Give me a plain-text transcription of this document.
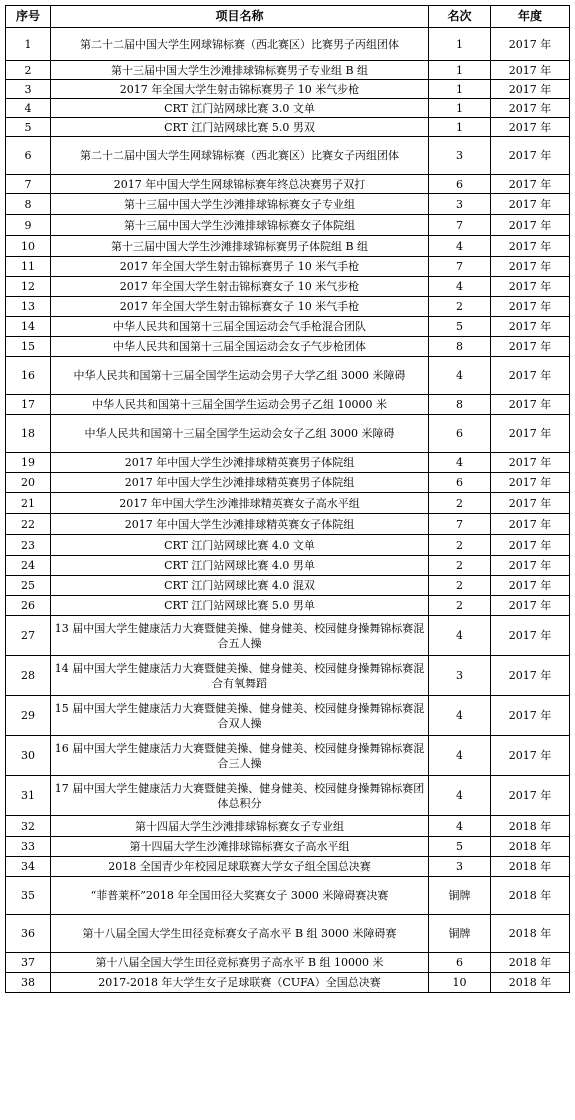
序号	项目名称	名次	年度
1	第二十二届中国大学生网球锦标赛（西北赛区）比赛男子丙组团体	1	2017 年
2	第十三届中国大学生沙滩排球锦标赛男子专业组 B 组	1	2017 年
3	2017 年全国大学生射击锦标赛男子 10 米气步枪	1	2017 年
4	CRT 江门站网球比赛 3.0 文单	1	2017 年
5	CRT 江门站网球比赛 5.0 男双	1	2017 年
6	第二十二届中国大学生网球锦标赛（西北赛区）比赛女子丙组团体	3	2017 年
7	2017 年中国大学生网球锦标赛年终总决赛男子双打	6	2017 年
8	第十三届中国大学生沙滩排球锦标赛女子专业组	3	2017 年
9	第十三届中国大学生沙滩排球锦标赛女子体院组	7	2017 年
10	第十三届中国大学生沙滩排球锦标赛男子体院组 B 组	4	2017 年
11	2017 年全国大学生射击锦标赛男子 10 米气手枪	7	2017 年
12	2017 年全国大学生射击锦标赛女子 10 米气步枪	4	2017 年
13	2017 年全国大学生射击锦标赛女子 10 米气手枪	2	2017 年
14	中华人民共和国第十三届全国运动会气手枪混合团队	5	2017 年
15	中华人民共和国第十三届全国运动会女子气步枪团体	8	2017 年
16	中华人民共和国第十三届全国学生运动会男子大学乙组 3000 米障碍	4	2017 年
17	中华人民共和国第十三届全国学生运动会男子乙组 10000 米	8	2017 年
18	中华人民共和国第十三届全国学生运动会女子乙组 3000 米障碍	6	2017 年
19	2017 年中国大学生沙滩排球精英赛男子体院组	4	2017 年
20	2017 年中国大学生沙滩排球精英赛男子体院组	6	2017 年
21	2017 年中国大学生沙滩排球精英赛女子高水平组	2	2017 年
22	2017 年中国大学生沙滩排球精英赛女子体院组	7	2017 年
23	CRT 江门站网球比赛 4.0 文单	2	2017 年
24	CRT 江门站网球比赛 4.0 男单	2	2017 年
25	CRT 江门站网球比赛 4.0 混双	2	2017 年
26	CRT 江门站网球比赛 5.0 男单	2	2017 年
27	13 届中国大学生健康活力大赛暨健美操、健身健美、校园健身操舞锦标赛混合五人操	4	2017 年
28	14 届中国大学生健康活力大赛暨健美操、健身健美、校园健身操舞锦标赛混合有氧舞蹈	3	2017 年
29	15 届中国大学生健康活力大赛暨健美操、健身健美、校园健身操舞锦标赛混合双人操	4	2017 年
30	16 届中国大学生健康活力大赛暨健美操、健身健美、校园健身操舞锦标赛混合三人操	4	2017 年
31	17 届中国大学生健康活力大赛暨健美操、健身健美、校园健身操舞锦标赛团体总积分	4	2017 年
32	第十四届大学生沙滩排球锦标赛女子专业组	4	2018 年
33	第十四届大学生沙滩排球锦标赛女子高水平组	5	2018 年
34	2018 全国青少年校园足球联赛大学女子组全国总决赛	3	2018 年
35	“菲普莱杯”2018 年全国田径大奖赛女子 3000 米障碍赛决赛	铜牌	2018 年
36	第十八届全国大学生田径竞标赛女子高水平 B 组 3000 米障碍赛	铜牌	2018 年
37	第十八届全国大学生田径竞标赛男子高水平 B 组 10000 米	6	2018 年
38	2017-2018 年大学生女子足球联赛（CUFA）全国总决赛	10	2018 年
